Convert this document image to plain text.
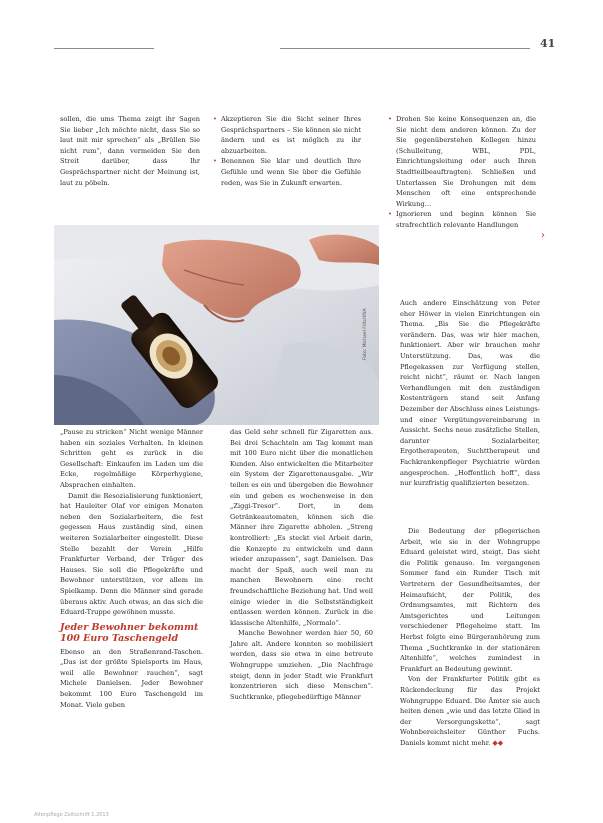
41

sollen, die ums Thema zeigt ihr Sagen Sie lieber „Ich möchte nicht, dass Sie so laut mit mir sprechen“ als „Brüllen Sie nicht rum“, dann vermeiden Sie den Streit darüber, dass Ihr Gesprächspartner nicht der Meinung ist, laut zu pöbeln.

• Akzeptieren Sie die Sicht seiner Ihres Gesprächspartners – Sie können sie nicht ändern und es ist möglich zu ihr abzuarbeiten.
• Benennen Sie klar und deutlich Ihre Gefühle und wenn Sie über die Gefühle reden, was Sie in Zukunft erwarten.
• Drohen Sie keine Konsequenzen an, die Sie nicht dem anderen können. Zu der Sie gegenüberstehen Kollegen hinzu (Schulleitung, WBL, PDL, Einrichtungsleitung oder auch Ihren Stadtteilbeauftragten). Schließen und Unterlassen Sie Drohungen mit dem Menschen oft eine entsprechende Wirkung…
• Ignorieren und beginn können Sie strafrechtlich relevante Handlungen
›
Foto: Michael Fritz/KNA

Auch andere Einschätzung von Peter eher Höwer in vielen Einrichtungen ein Thema. „Bis Sie die Pflegekräfte verändern. Das, was wir hier machen, funktioniert. Aber wir brauchen mehr Unterstützung. Das, was die Pflegekassen zur Verfügung stellen, reicht nicht“, räumt er. Nach langen Verhandlungen mit den zuständigen Kostenträgern stand seit Anfang Dezember der Abschluss eines Leistungs- und einer Vergütungsvereinbarung in Aussicht. Sechs neue zusätzliche Stellen, darunter Sozialarbeiter, Ergotherapeuten, Suchttherapeut und Fachkrankenpfleger Psychiatrie würden angesprochen. „Hoffentlich hoff“, dass nur kurzfristig qualifizierten besetzen.

„Pause zu stricken“ Nicht wenige Männer haben ein soziales Verhalten. In kleinen Schritten geht es zurück in die Gesellschaft: Einkaufen im Laden um die Ecke, regelmäßige Körperhygiene, Absprachen einhalten.

Damit die Resozialisierung funktioniert, hat Hauleiter Olaf vor einigen Monaten neben den Sozialarbeitern, die fest gegessen Haus zuständig sind, einen weiteren Sozialarbeiter eingestellt. Diese Stelle bezahlt der Verein „Hilfe Frankfurter Verband, der Träger des Hauses. Sie soll die Pflegekräfte und Bewohner unterstützen, vor allem im Spielkamp. Denn die Männer sind gerade überaus aktiv. Auch etwas, an das sich die Eduard-Truppe gewöhnen musste.

Jeder Bewohner bekommt 100 Euro Taschengeld

Ebenso an den Straßenrand-Taschen. „Das ist der größte Spielsports im Haus, weil alle Bewohner rauchen“, sagt Michele Danielsen. Jeder Bewohner bekommt 100 Euro Taschengeld im Monat. Viele geben

das Geld sehr schnell für Zigaretten aus. Bei drei Schachteln am Tag kommt man mit 100 Euro nicht über die monatlichen Kunden. Also entwickelten die Mitarbeiter ein System der Zigarettenausgabe. „Wir teilen es ein und übergeben die Bewohner ein und geben es wochenweise in den „Ziggi-Tresor“. Dort, in dem Getränkeautomaten, können sich die Männer ihre Zigarette abholen. „Streng kontrolliert: „Es steckt viel Arbeit darin, die Konzepte zu entwickeln und dann wieder anzupassen“, sagt Danielsen. Das macht der Spaß, auch weil man zu manchen Bewohnern eine recht freundschaftliche Beziehung hat. Und weil einige wieder in die Selbstständigkeit entlassen werden können. Zurück in die klassische Altenhilfe, „Normalo“.

Manche Bewohner werden hier 50, 60 Jahre alt. Andere konnten so mobilisiert werden, dass sie etwa in eine betreute Wohngruppe umziehen. „Die Nachfrage steigt, denn in jeder Stadt wie Frankfurt konzentrieren sich diese Menschen“. Suchtkranke, pflegebedürftige Männer

Die Bedeutung der pflegerischen Arbeit, wie sie in der Wohngruppe Eduard geleistet wird, steigt. Das sieht die Politik genauso. Im vergangenen Sommer fand ein Runder Tisch mit Vertretern der Gesundheitsamtes, der Heimaufsicht, der Politik, des Ordnungsamtes, mit Richtern des Amtsgerichtes und Leitungen verschiedener Pflegeheime statt. Im Herbst folgte eine Bürgeranhörung zum Thema „Suchtkranke in der stationären Altenhilfe“, welches zumindest in Frankfurt an Bedeutung gewinnt.

Von der Frankfurter Politik gibt es Rückendeckung für das Projekt Wohngruppe Eduard. Die Ämter sie auch heiten denen „wie und das letzte Glied in der Versorgungskette“, sagt Wohnbereichsleiter Günther Fuchs. Daniels kommt nicht mehr. ◆◆

Altenpflege Zeitschrift 1.2013
